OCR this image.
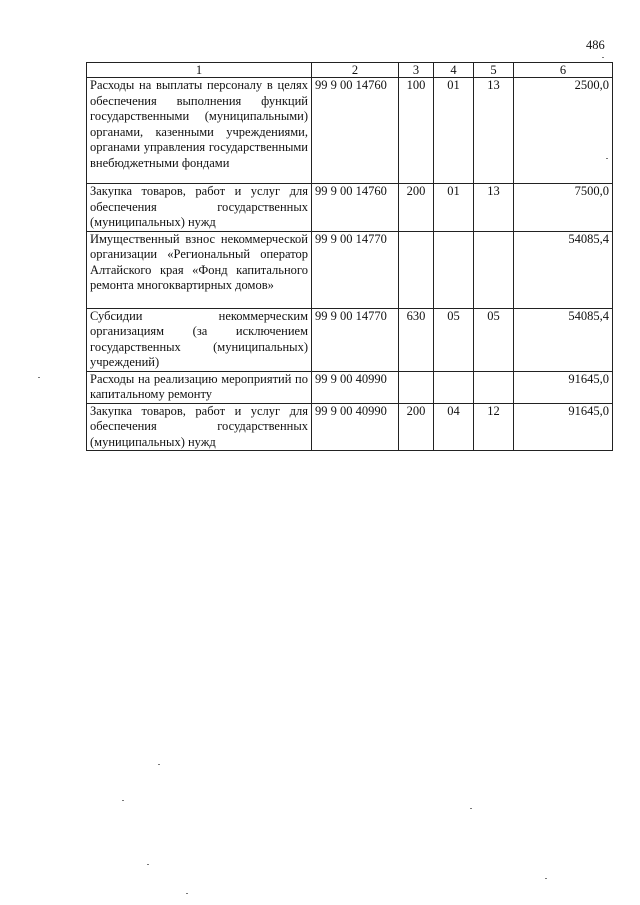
486
1	2	3	4	5	6
Расходы на выплаты персоналу в целях обеспечения выполнения функций государственными (муниципальными) органами, казенными учреждениями, органами управления государственными внебюджетными фондами	99 9 00 14760	100	01	13	2500,0
Закупка товаров, работ и услуг для обеспечения государственных (муниципальных) нужд	99 9 00 14760	200	01	13	7500,0
Имущественный взнос некоммерческой организации «Региональный оператор Алтайского края «Фонд капитального ремонта многоквартирных домов»	99 9 00 14770				54085,4
Субсидии некоммерческим организациям (за исключением государственных (муниципальных) учреждений)	99 9 00 14770	630	05	05	54085,4
Расходы на реализацию мероприятий по капитальному ремонту	99 9 00 40990				91645,0
Закупка товаров, работ и услуг для обеспечения государственных (муниципальных) нужд	99 9 00 40990	200	04	12	91645,0
